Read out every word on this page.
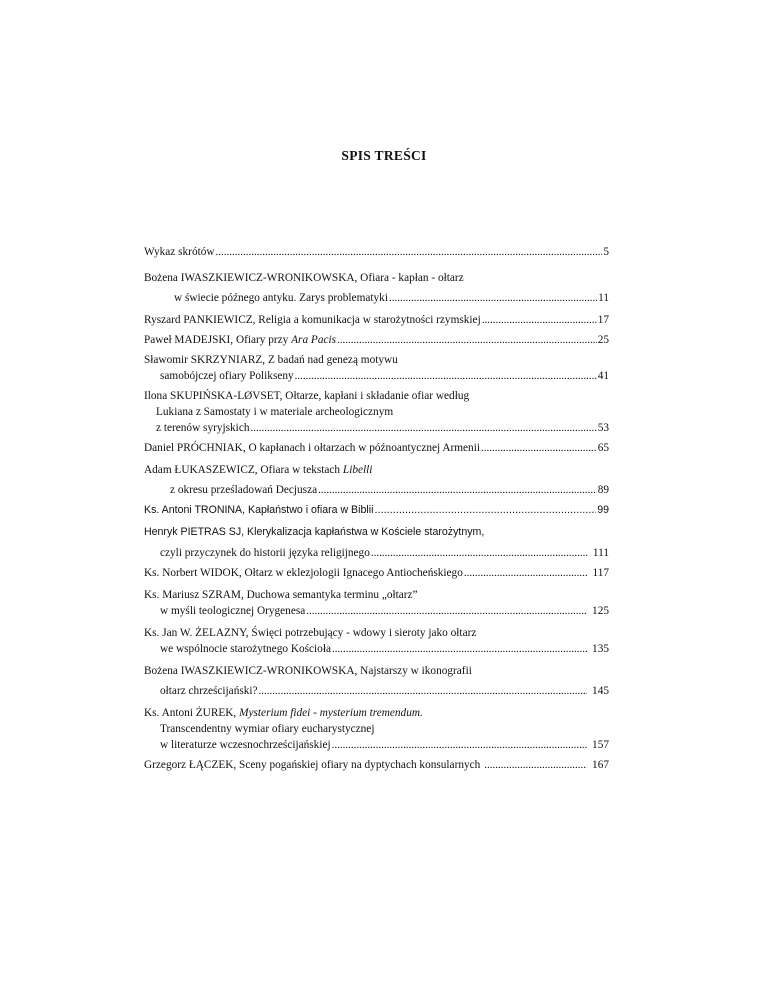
SPIS TREŚCI
Wykaz skrótów .....	5
Bożena IWASZKIEWICZ-WRONIKOWSKA, Ofiara - kapłan - ołtarz
w świecie późnego antyku. Zarys problematyki .....	11
Ryszard PANKIEWICZ, Religia a komunikacja w starożytności rzymskiej .....	17
Paweł MADEJSKI, Ofiary przy Ara Pacis .....	25
Sławomir SKRZYNIARZ, Z badań nad genezą motywu
samobójczej ofiary Polikseny .....	41
Ilona SKUPIŃSKA-LØVSET, Ołtarze, kapłani i składanie ofiar według
Lukiana z Samostaty i w materiale archeologicznym
z terenów syryjskich .....	53
Daniel PRÓCHNIAK, O kapłanach i ołtarzach w późnoantycznej Armenii .....	65
Adam ŁUKASZEWICZ, Ofiara w tekstach Libelli
z okresu prześladowań Decjusza .....	89
Ks. Antoni TRONINA, Kapłaństwo i ofiara w Biblii .....	99
Henryk PIETRAS SJ, Klerykalizacja kapłaństwa w Kościele starożytnym,
czyli przyczynek do historii języka religijnego .....	111
Ks. Norbert WIDOK, Ołtarz w eklezjologii Ignacego Antiocheńskiego .....	117
Ks. Mariusz SZRAM, Duchowa semantyka terminu „ołtarz”
w myśli teologicznej Orygenesa .....	125
Ks. Jan W. ŻELAZNY, Święci potrzebujący - wdowy i sieroty jako ołtarz
we wspólnocie starożytnego Kościoła .....	135
Bożena IWASZKIEWICZ-WRONIKOWSKA, Najstarszy w ikonografii
ołtarz chrześcijański? .....	145
Ks. Antoni ŻUREK, Mysterium fidei - mysterium tremendum.
Transcendentny wymiar ofiary eucharystycznej
w literaturze wczesnochrześcijańskiej .....	157
Grzegorz ŁĄCZEK, Sceny pogańskiej ofiary na dyptychach konsularnych .....	167
